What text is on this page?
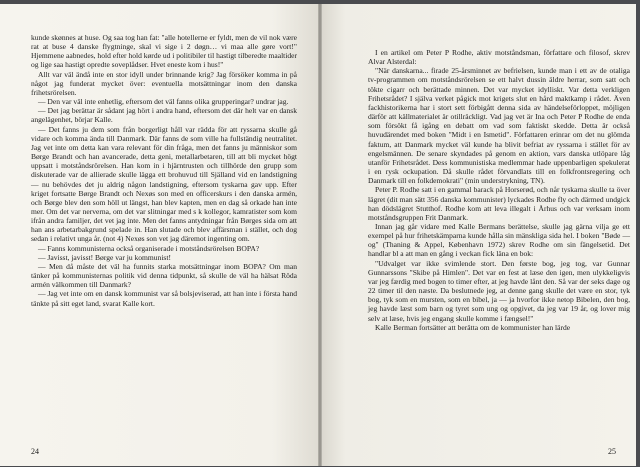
kunde skønnes at huse. Og saa tog han fat: "alle hotellerne er fyldt, men de vil nok være rat at buse 4 danske flygtninge, skal vi sige i 2 døgn… vi maa alle gøre vort!" Hjemmene aabnedes, hold efter hold kørde ud i politibiler til hastigt tilberedte maaltider og lige saa hastigt opredte soveplådser. Hvet eneste kom i hus!"

Allt var väl ändå inte en stor idyll under brinnande krig? Jag försöker komma in på något jag funderat mycket över: eventuella motsättningar inom den danska frihetsrörelsen.

— Den var väl inte enhetlig, eftersom det väl fanns olika grupperingar? undrar jag.

— Det jag berättar är sådant jag hört i andra hand, eftersom det där helt var en dansk angelägenhet, börjar Kalle.

— Det fanns ju dem som från borgerligt håll var rädda för att ryssarna skulle gå vidare och komma ända till Danmark. Där fanns de som ville ha fullständig neutralitet. Jag vet inte om detta kan vara relevant för din fråga, men det fanns ju människor som Børge Brandt och han avancerade, detta geni, metallarbetaren, till att bli mycket högt uppsatt i motståndsrörelsen. Han kom in i hjärntrusten och tillhörde den grupp som diskuterade var de allierade skulle lägga ett brohuvud till Själland vid en landstigning — nu behövdes det ju aldrig någon landstigning, eftersom tyskarna gav upp. Efter kriget fortsatte Børge Brandt och Nexøs son med en officerskurs i den danska armén, och Børge blev den som höll ut längst, han blev kapten, men en dag så orkade han inte mer. Om det var nerverna, om det var slitningar med s k kollegor, kamratister som kom ifrån andra familjer, det vet jag inte. Men det fanns antydningar från Børges sida om att han ans arbetarbakgrund spelade in. Han slutade och blev affärsman i stället, och dog sedan i relativt unga år. (not 4) Nexøs son vet jag däremot ingenting om.

— Fanns kommunisterna också organiserade i motståndsrörelsen BOPA?

— Javisst, javisst! Børge var ju kommunist!

— Men då måste det väl ha funnits starka motsättningar inom BOPA? Om man tänker på kommunisternas politik vid denna tidpunkt, så skulle de väl ha hälsat Röda armén välkommen till Danmark?

— Jag vet inte om en dansk kommunist var så bolsjeviserad, att han inte i första hand tänkte på sitt eget land, svarat Kalle kort.

24

I en artikel om Peter P Rodhe, aktiv motståndsman, författare och filosof, skrev Alvar Alsterdal:

"När danskarna... firade 25-årsminnet av befrielsen, kunde man i ett av de otaliga tv-programmen om motståndsrörelsen se ett halvt dussin äldre herrar, som satt och tökte cigarr och berättade minnen. Det var mycket idylliskt. Var detta verkligen Frihetsrådet? I själva verket pågick mot krigets slut en hård maktkamp i rådet. Även fackhistorikerna har i stort sett förbigått denna sida av händelseförloppet, möjligen därför att källmaterialet är otillräckligt. Vad jag vet är Ina och Peter P Rodhe de enda som försökt få igång en debatt om vad som faktiskt skedde. Detta är också huvudärendet med boken "Midt i en Ismetid". Författaren erinrar om det nu glömda faktum, att Danmark mycket väl kunde ha blivit befriat av ryssarna i stället för av engelsmännen. De senare skyndades på genom en aktion, vars danska utlöpare låg utanför Frihetsrådet. Dess kommunistiska medlemmar hade uppenbarligen spekulerat i en rysk ockupation. Då skulle rådet förvandlats till en folkfrontsregering och Danmark till en folkdemokrati" (min understrykning, TN).

Peter P. Rodhe satt i en gammal barack på Horserød, och når tyskarna skulle ta över lägret (dit man sätt 356 danska kommunister) lyckades Rodhe fly och därmed undgick han dödslägret Stutthof. Rodhe kom att leva illegalt i Århus och var verksam inom motståndsgruppen Frit Danmark.

Innan jag går vidare med Kalle Bermans berättelse, skulle jag gärna vilja ge ett exempel på hur frihetskämparna kunde hålla sin mänskliga sida hel. I boken "Bøde — og" (Thaning & Appel, København 1972) skrev Rodhe om sin fängelsetid. Det handlar bl a att man en gång i veckan fick läna en bok:

"Udvalget var ikke svimlende stort. Den første bog, jeg tog, var Gunnar Gunnarssons "Skibe på Himlen". Det var en fest at læse den igen, men ulykkeligvis var jeg færdig med bogen to timer efter, at jeg havde lånt den. Så var der seks dage og 22 timer til den næste. Da beslutnede jeg, at denne gang skulle det være en stor, tyk bog, tyk som en mursten, som en bibel, ja — ja hvorfor ikke netop Bibelen, den bog, jeg havde læst som barn og tyret som ung og opgivet, da jeg var 19 år, og lover mig selv at læse, hvis jeg engang skulle komme i fængsel!"

Kalle Berman fortsätter att berätta om de kommunister han lärde

25
